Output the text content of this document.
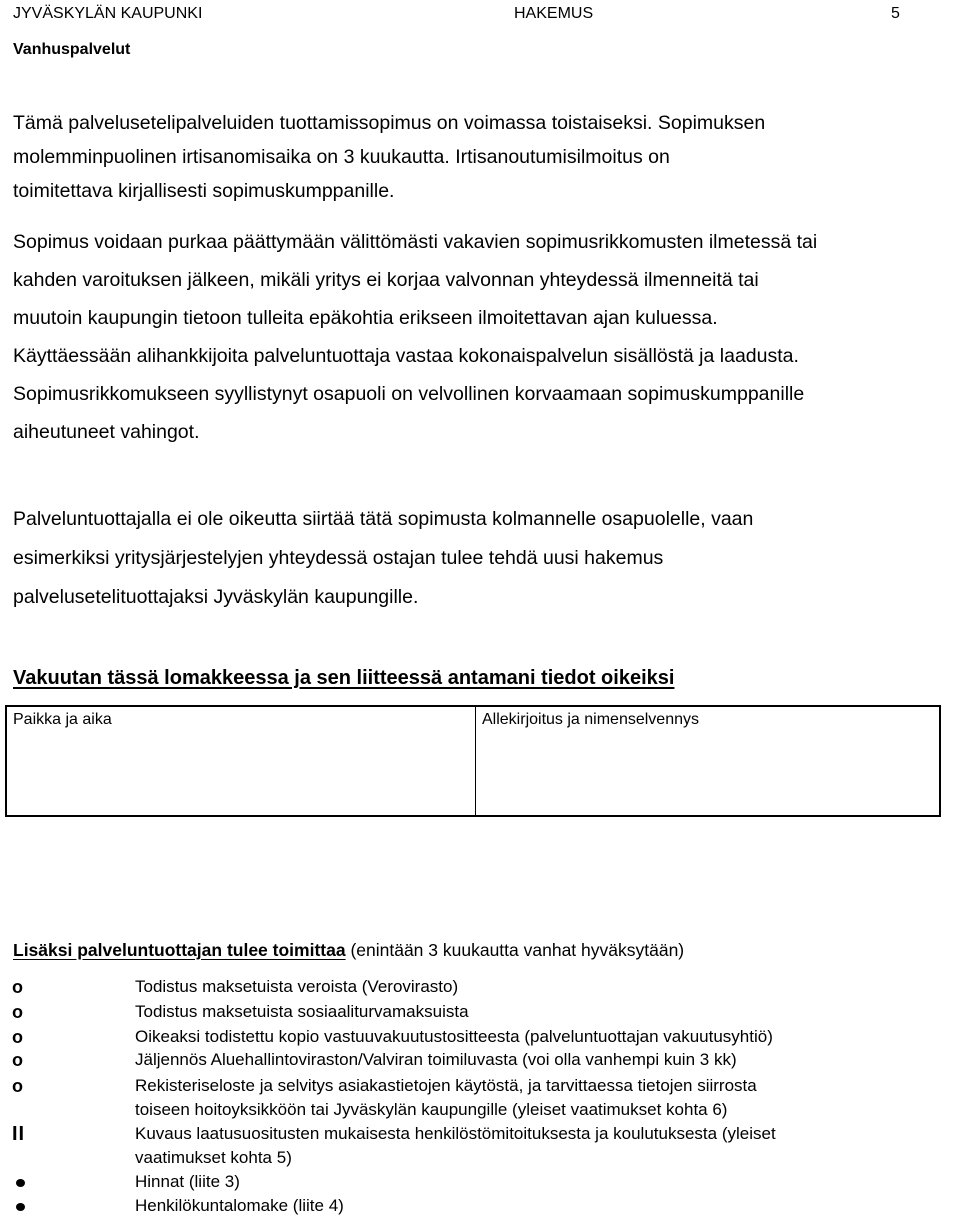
JYVÄSKYLÄN KAUPUNKI	HAKEMUS	5
Vanhuspalvelut
Tämä palvelusetelipalveluiden tuottamissopimus on voimassa toistaiseksi. Sopimuksen
molemminpuolinen irtisanomisaika on 3 kuukautta. Irtisanoutumisilmoitus on
toimitettava kirjallisesti sopimuskumppanille.
Sopimus voidaan purkaa päättymään välittömästi vakavien sopimusrikkomusten ilmetessä tai
kahden varoituksen jälkeen, mikäli yritys ei korjaa valvonnan yhteydessä ilmenneitä tai
muutoin kaupungin tietoon tulleita epäkohtia erikseen ilmoitettavan ajan kuluessa.
Käyttäessään alihankkijoita palveluntuottaja vastaa kokonaispalvelun sisällöstä ja laadusta.
Sopimusrikkomukseen syyllistynyt osapuoli on velvollinen korvaamaan sopimuskumppanille
aiheutuneet vahingot.
Palveluntuottajalla ei ole oikeutta siirtää tätä sopimusta kolmannelle osapuolelle, vaan
esimerkiksi yritysjärjestelyjen yhteydessä ostajan tulee tehdä uusi hakemus
palvelusetelituottajaksi Jyväskylän kaupungille.
Vakuutan tässä lomakkeessa ja sen liitteessä antamani tiedot oikeiksi
Paikka ja aika	Allekirjoitus ja nimenselvennys
Lisäksi palveluntuottajan tulee toimittaa (enintään 3 kuukautta vanhat hyväksytään)
o	Todistus maksetuista veroista (Verovirasto)
o	Todistus maksetuista sosiaaliturvamaksuista
o	Oikeaksi todistettu kopio vastuuvakuutustositteesta (palveluntuottajan vakuutusyhtiö)
o	Jäljennös Aluehallintoviraston/Valviran toimiluvasta (voi olla vanhempi kuin 3 kk)
o	Rekisteriseloste ja selvitys asiakastietojen käytöstä, ja tarvittaessa tietojen siirrosta
toiseen hoitoyksikköön tai Jyväskylän kaupungille (yleiset vaatimukset kohta 6)
II	Kuvaus laatusuositusten mukaisesta henkilöstömitoituksesta ja koulutuksesta (yleiset
vaatimukset kohta 5)
Hinnat (liite 3)
Henkilökuntalomake (liite 4)
